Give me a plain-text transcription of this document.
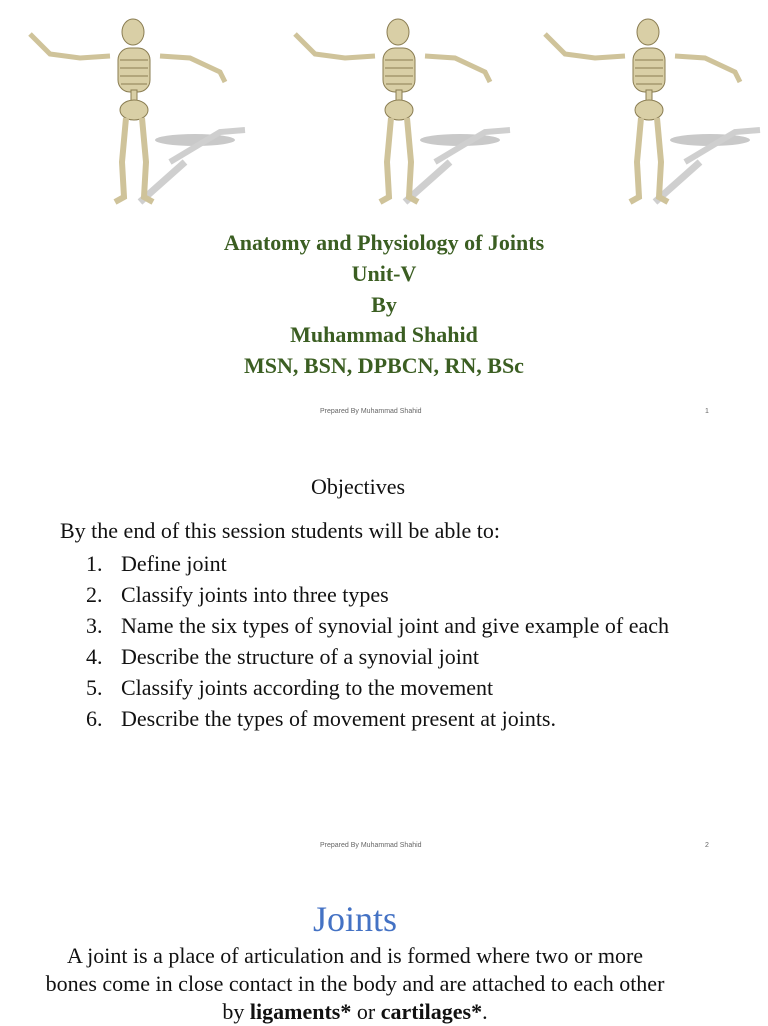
Anatomy and Physiology of Joints
Unit-V
By
Muhammad Shahid
MSN, BSN, DPBCN, RN, BSc
Prepared By Muhammad Shahid	1
Objectives
By the end of this session students will be able to:
1. Define joint
2. Classify joints into three types
3. Name the six types of synovial joint and give example of each
4. Describe the structure of a synovial joint
5. Classify joints according to the movement
6. Describe the types of movement present at joints.
Prepared By Muhammad Shahid	2
Joints
A joint is a place of articulation and is formed where two or more bones come in close contact in the body and are attached to each other by ligaments* or cartilages*.
